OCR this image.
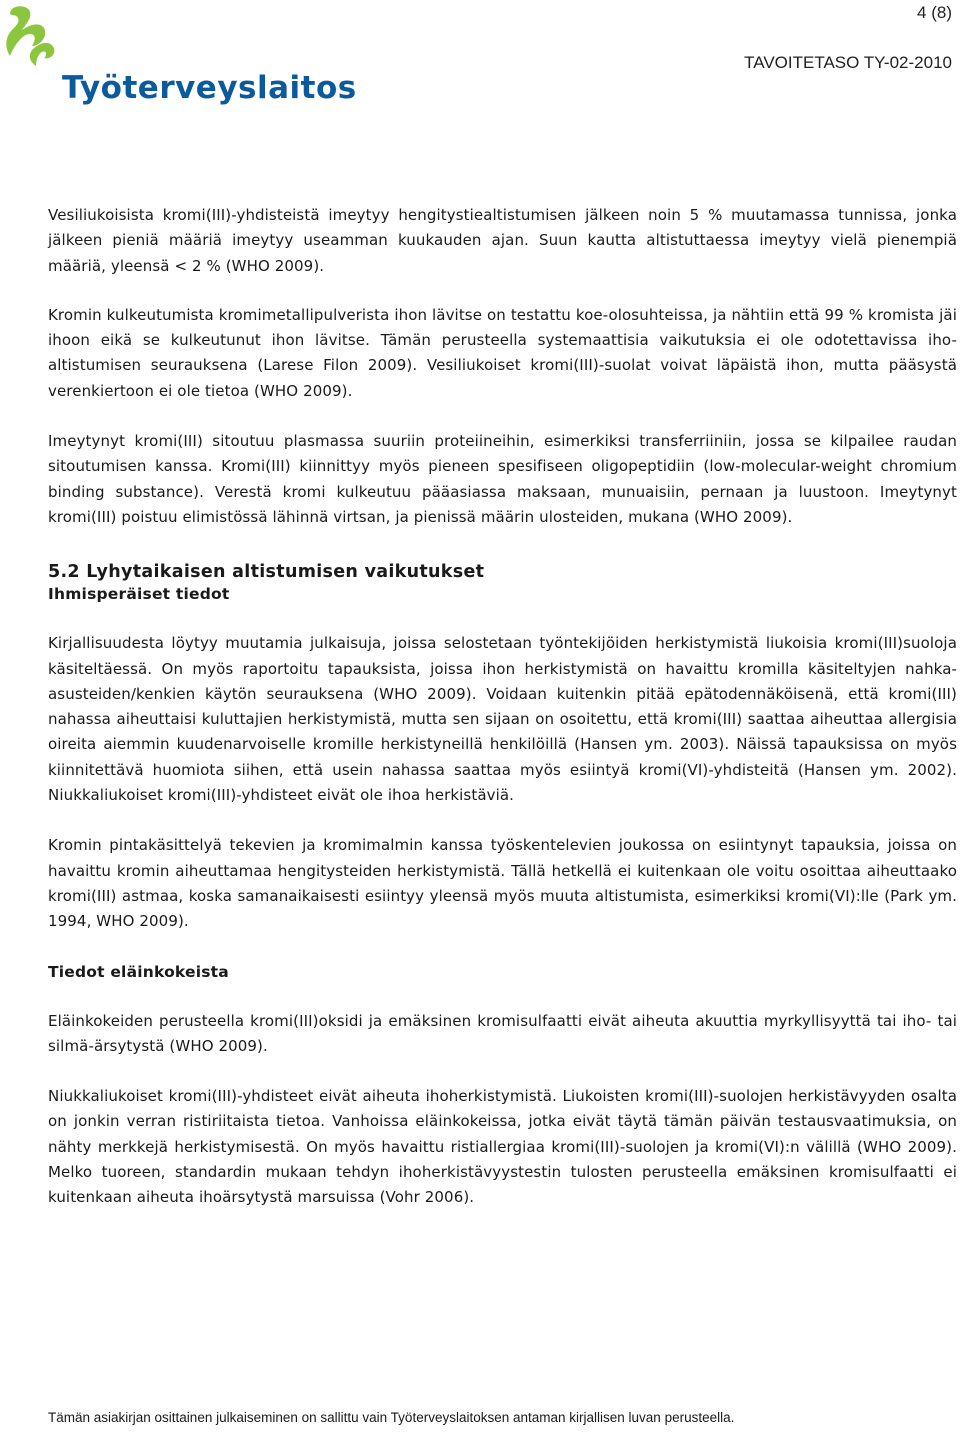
Työterveyslaitos
4 (8)
TAVOITETASO TY-02-2010

Vesiliukoisista kromi(III)-yhdisteistä imeytyy hengitystiealtistumisen jälkeen noin 5 % muutamassa tunnissa, jonka jälkeen pieniä määriä imeytyy useamman kuukauden ajan. Suun kautta altistuttaessa imeytyy vielä pienempiä määriä, yleensä < 2 % (WHO 2009).

Kromin kulkeutumista kromimetallipulverista ihon lävitse on testattu koe-olosuhteissa, ja nähtiin että 99 % kromista jäi ihoon eikä se kulkeutunut ihon lävitse. Tämän perusteella systemaattisia vaikutuksia ei ole odotettavissa iho-altistumisen seurauksena (Larese Filon 2009). Vesiliukoiset kromi(III)-suolat voivat läpäistä ihon, mutta pääsystä verenkiertoon ei ole tietoa (WHO 2009).

Imeytynyt kromi(III) sitoutuu plasmassa suuriin proteiineihin, esimerkiksi transferriiniin, jossa se kilpailee raudan sitoutumisen kanssa. Kromi(III) kiinnittyy myös pieneen spesifiseen oligopeptidiin (low-molecular-weight chromium binding substance). Verestä kromi kulkeutuu pääasiassa maksaan, munuaisiin, pernaan ja luustoon. Imeytynyt kromi(III) poistuu elimistössä lähinnä virtsan, ja pienissä määrin ulosteiden, mukana (WHO 2009).

5.2 Lyhytaikaisen altistumisen vaikutukset
Ihmisperäiset tiedot

Kirjallisuudesta löytyy muutamia julkaisuja, joissa selostetaan työntekijöiden herkistymistä liukoisia kromi(III)suoloja käsiteltäessä. On myös raportoitu tapauksista, joissa ihon herkistymistä on havaittu kromilla käsiteltyjen nahka-asusteiden/kenkien käytön seurauksena (WHO 2009). Voidaan kuitenkin pitää epätodennäköisenä, että kromi(III) nahassa aiheuttaisi kuluttajien herkistymistä, mutta sen sijaan on osoitettu, että kromi(III) saattaa aiheuttaa allergisia oireita aiemmin kuudenarvoiselle kromille herkistyneillä henkilöillä (Hansen ym. 2003). Näissä tapauksissa on myös kiinnitettävä huomiota siihen, että usein nahassa saattaa myös esiintyä kromi(VI)-yhdisteitä (Hansen ym. 2002). Niukkaliukoiset kromi(III)-yhdisteet eivät ole ihoa herkistäviä.

Kromin pintakäsittelyä tekevien ja kromimalmin kanssa työskentelevien joukossa on esiintynyt tapauksia, joissa on havaittu kromin aiheuttamaa hengitysteiden herkistymistä. Tällä hetkellä ei kuitenkaan ole voitu osoittaa aiheuttaako kromi(III) astmaa, koska samanaikaisesti esiintyy yleensä myös muuta altistumista, esimerkiksi kromi(VI):lle (Park ym. 1994, WHO 2009).

Tiedot eläinkokeista

Eläinkokeiden perusteella kromi(III)oksidi ja emäksinen kromisulfaatti eivät aiheuta akuuttia myrkyllisyyttä tai iho- tai silmä-ärsytystä (WHO 2009).

Niukkaliukoiset kromi(III)-yhdisteet eivät aiheuta ihoherkistymistä. Liukoisten kromi(III)-suolojen herkistävyyden osalta on jonkin verran ristiriitaista tietoa. Vanhoissa eläinkokeissa, jotka eivät täytä tämän päivän testausvaatimuksia, on nähty merkkejä herkistymisestä. On myös havaittu ristiallergiaa kromi(III)-suolojen ja kromi(VI):n välillä (WHO 2009). Melko tuoreen, standardin mukaan tehdyn ihoherkistävyystestin tulosten perusteella emäksinen kromisulfaatti ei kuitenkaan aiheuta ihoärsytystä marsuissa (Vohr 2006).

Tämän asiakirjan osittainen julkaiseminen on sallittu vain Työterveyslaitoksen antaman kirjallisen luvan perusteella.
